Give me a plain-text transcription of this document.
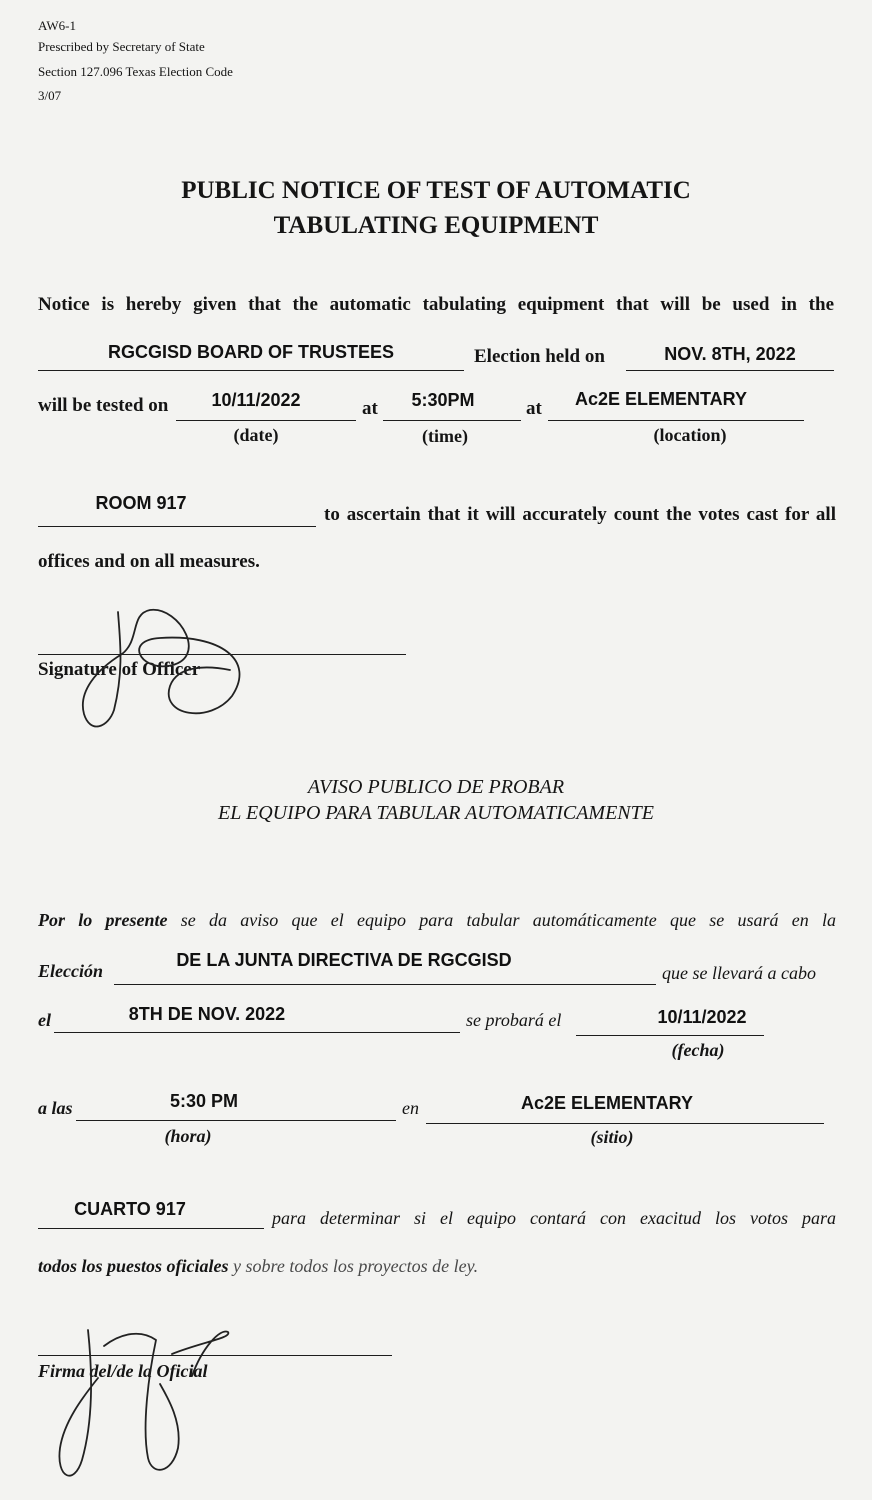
AW6-1
Prescribed by Secretary of State
Section 127.096 Texas Election Code
3/07
PUBLIC NOTICE OF TEST OF AUTOMATIC
TABULATING EQUIPMENT
Notice is hereby given that the automatic tabulating equipment that will be used in the
RGCGISD BOARD OF TRUSTEES	Election held on	NOV. 8TH, 2022
will be tested on	10/11/2022	at	5:30PM	at	Ac2E ELEMENTARY
(date)	(time)	(location)
ROOM 917
to ascertain that it will accurately count the votes cast for all
offices and on all measures.
Signature of Officer
AVISO PUBLICO DE PROBAR
EL EQUIPO PARA TABULAR AUTOMATICAMENTE
Por lo presente se da aviso que el equipo para tabular automáticamente que se usará en la
Elección
DE LA JUNTA DIRECTIVA DE RGCGISD
que se llevará a cabo
el	8TH DE NOV. 2022	se probará el	10/11/2022
(fecha)
a las	5:30 PM	en	Ac2E ELEMENTARY
(hora)	(sitio)
CUARTO 917	para determinar si el equipo contará con exacitud los votos para
todos los puestos oficiales y sobre todos los proyectos de ley.
Firma del/de la Oficial
